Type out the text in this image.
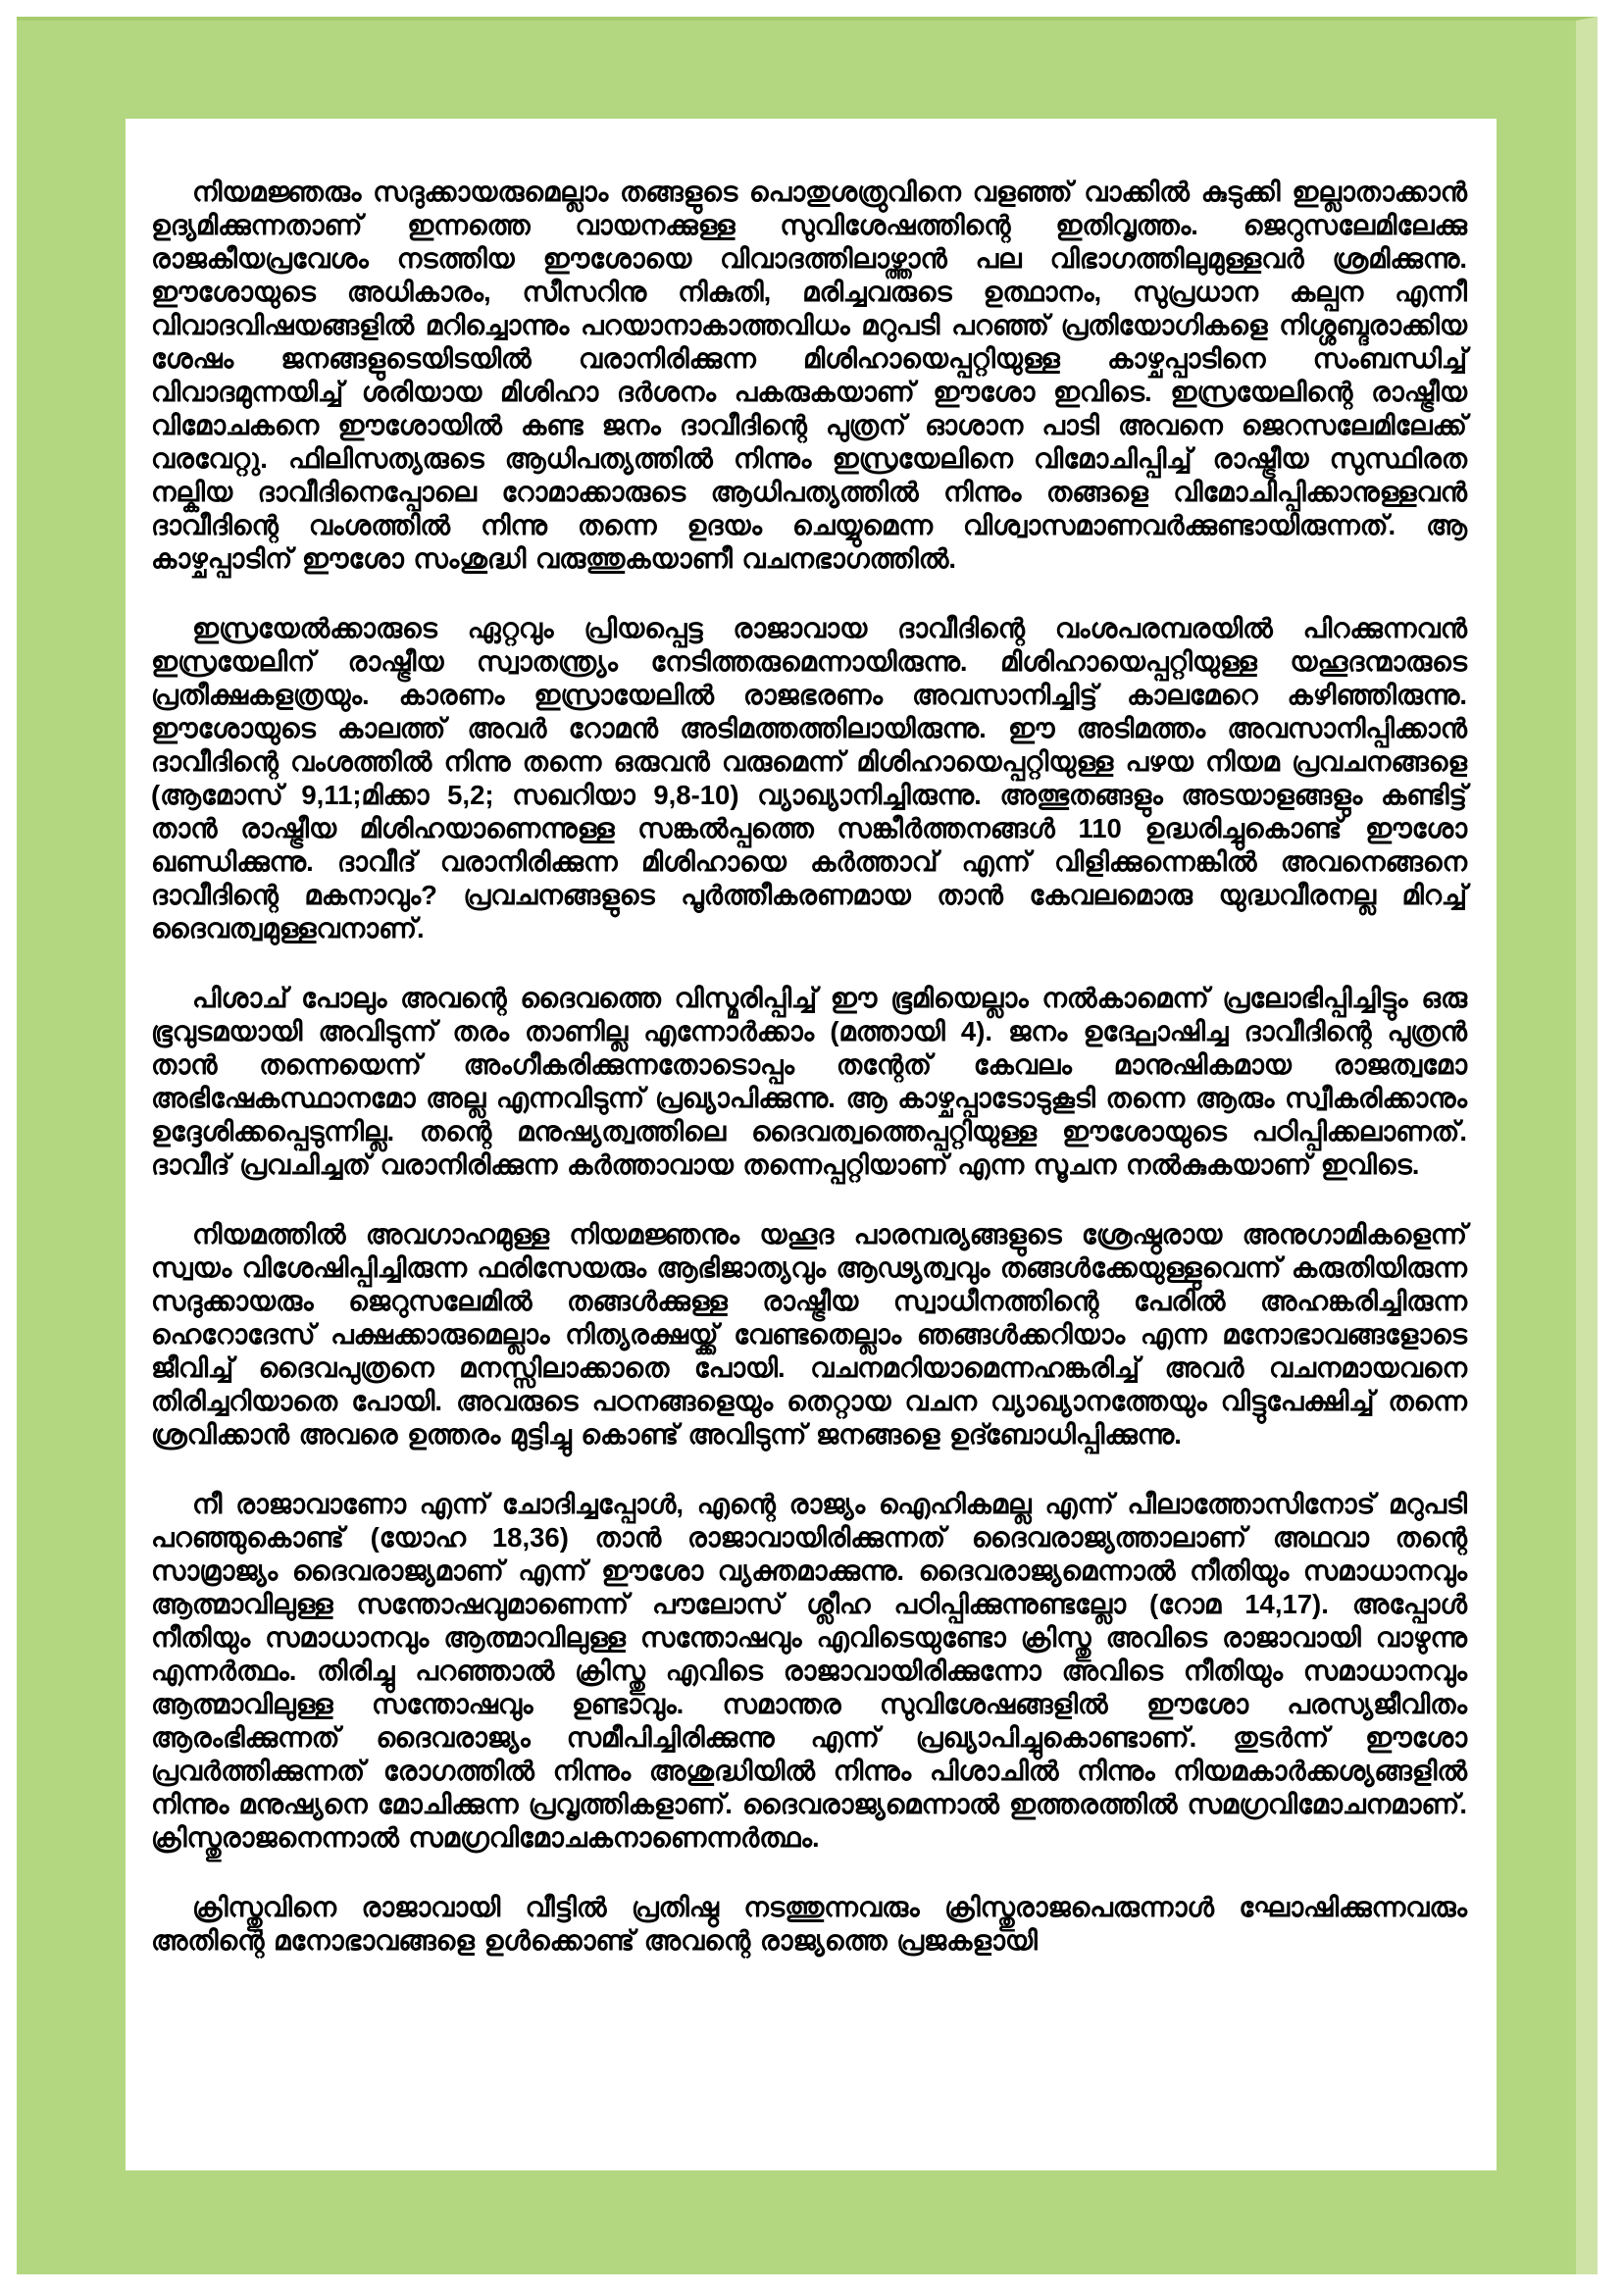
നിയമജ്ഞരും സദുക്കായരുമെല്ലാം തങ്ങളുടെ പൊതുശത്രുവിനെ വളഞ്ഞ് വാക്കിൽ കുടുക്കി ഇല്ലാതാക്കാൻ ഉദ്യമിക്കുന്നതാണ് ഇന്നത്തെ വായനക്കുള്ള സുവിശേഷത്തിന്റെ ഇതിവൃത്തം. ജെറുസലേമിലേക്കു രാജകീയപ്രവേശം നടത്തിയ ഈശോയെ വിവാദത്തിലാഴ്ത്താൻ പല വിഭാഗത്തിലുമുള്ളവർ ശ്രമിക്കുന്നു. ഈശോയുടെ അധികാരം, സീസറിനു നികുതി, മരിച്ചവരുടെ ഉത്ഥാനം, സുപ്രധാന കല്പന എന്നീ വിവാദവിഷയങ്ങളിൽ മറിച്ചൊന്നും പറയാനാകാത്തവിധം മറുപടി പറഞ്ഞ് പ്രതിയോഗികളെ നിശ്ശബ്ദരാക്കിയ ശേഷം ജനങ്ങളുടെയിടയിൽ വരാനിരിക്കുന്ന മിശിഹായെപ്പറ്റിയുള്ള കാഴ്ചപ്പാടിനെ സംബന്ധിച്ച് വിവാദമുന്നയിച്ച് ശരിയായ മിശിഹാ ദർശനം പകരുകയാണ് ഈശോ ഇവിടെ. ഇസ്രയേലിന്റെ രാഷ്ട്രീയ വിമോചകനെ ഈശോയിൽ കണ്ട ജനം ദാവീദിന്റെ പുത്രന് ഓശാന പാടി അവനെ ജെറസലേമിലേക്ക് വരവേറ്റു. ഫിലിസത്യരുടെ ആധിപത്യത്തിൽ നിന്നും ഇസ്രയേലിനെ വിമോചിപ്പിച്ച് രാഷ്ട്രീയ സുസ്ഥിരത നല്കിയ ദാവീദിനെപ്പോലെ റോമാക്കാരുടെ ആധിപത്യത്തിൽ നിന്നും തങ്ങളെ വിമോചിപ്പിക്കാനുള്ളവൻ ദാവീദിന്റെ വംശത്തിൽ നിന്നു തന്നെ ഉദയം ചെയ്യുമെന്ന വിശ്വാസമാണവർക്കുണ്ടായിരുന്നത്. ആ കാഴ്ചപ്പാടിന് ഈശോ സംശുദ്ധി വരുത്തുകയാണീ വചനഭാഗത്തിൽ.

ഇസ്രയേൽക്കാരുടെ ഏറ്റവും പ്രിയപ്പെട്ട രാജാവായ ദാവീദിന്റെ വംശപരമ്പരയിൽ പിറക്കുന്നവൻ ഇസ്രയേലിന് രാഷ്ട്രീയ സ്വാതന്ത്ര്യം നേടിത്തരുമെന്നായിരുന്നു. മിശിഹായെപ്പറ്റിയുള്ള യഹൂദന്മാരുടെ പ്രതീക്ഷകളത്രയും. കാരണം ഇസ്രായേലിൽ രാജഭരണം അവസാനിച്ചിട്ട് കാലമേറെ കഴിഞ്ഞിരുന്നു. ഈശോയുടെ കാലത്ത് അവർ റോമൻ അടിമത്തത്തിലായിരുന്നു. ഈ അടിമത്തം അവസാനിപ്പിക്കാൻ ദാവീദിന്റെ വംശത്തിൽ നിന്നു തന്നെ ഒരുവൻ വരുമെന്ന് മിശിഹായെപ്പറ്റിയുള്ള പഴയ നിയമ പ്രവചനങ്ങളെ (ആമോസ് 9,11;മിക്കാ 5,2; സഖറിയാ 9,8-10) വ്യാഖ്യാനിച്ചിരുന്നു. അത്ഭുതങ്ങളും അടയാളങ്ങളും കണ്ടിട്ട് താൻ രാഷ്ട്രീയ മിശിഹയാണെന്നുള്ള സങ്കൽപ്പത്തെ സങ്കീർത്തനങ്ങൾ 110 ഉദ്ധരിച്ചുകൊണ്ട് ഈശോ ഖണ്ഡിക്കുന്നു. ദാവീദ് വരാനിരിക്കുന്ന മിശിഹായെ കർത്താവ് എന്ന് വിളിക്കുന്നെങ്കിൽ അവനെങ്ങനെ ദാവീദിന്റെ മകനാവും? പ്രവചനങ്ങളുടെ പൂർത്തീകരണമായ താൻ കേവലമൊരു യുദ്ധവീരനല്ല മിറച്ച് ദൈവത്വമുള്ളവനാണ്.

പിശാച് പോലും അവന്റെ ദൈവത്തെ വിസ്മരിപ്പിച്ച് ഈ ഭൂമിയെല്ലാം നൽകാമെന്ന് പ്രലോഭിപ്പിച്ചിട്ടും ഒരു ഭൂവുടമയായി അവിടുന്ന് തരം താണില്ല എന്നോർക്കാം (മത്തായി 4). ജനം ഉദ്ഘോഷിച്ച ദാവീദിന്റെ പുത്രൻ താൻ തന്നെയെന്ന് അംഗീകരിക്കുന്നതോടൊപ്പം തന്റേത് കേവലം മാനുഷികമായ രാജത്വമോ അഭിഷേകസ്ഥാനമോ അല്ല എന്നവിടുന്ന് പ്രഖ്യാപിക്കുന്നു. ആ കാഴ്ചപ്പാടോടുകൂടി തന്നെ ആരും സ്വീകരിക്കാനും ഉദ്ദേശിക്കപ്പെടുന്നില്ല. തന്റെ മനുഷ്യത്വത്തിലെ ദൈവത്വത്തെപ്പറ്റിയുള്ള ഈശോയുടെ പഠിപ്പിക്കലാണത്. ദാവീദ് പ്രവചിച്ചത് വരാനിരിക്കുന്ന കർത്താവായ തന്നെപ്പറ്റിയാണ് എന്ന സൂചന നൽകുകയാണ് ഇവിടെ.

നിയമത്തിൽ അവഗാഹമുള്ള നിയമജ്ഞനും യഹൂദ പാരമ്പര്യങ്ങളുടെ ശ്രേഷ്ഠരായ അനുഗാമികളെന്ന് സ്വയം വിശേഷിപ്പിച്ചിരുന്ന ഫരിസേയരും ആഭിജാത്യവും ആഢ്യത്വവും തങ്ങൾക്കേയുള്ളുവെന്ന് കരുതിയിരുന്ന സദുക്കായരും ജെറുസലേമിൽ തങ്ങൾക്കുള്ള രാഷ്ട്രീയ സ്വാധീനത്തിന്റെ പേരിൽ അഹങ്കരിച്ചിരുന്ന ഹെറോദേസ് പക്ഷക്കാരുമെല്ലാം നിത്യരക്ഷയ്ക്ക് വേണ്ടതെല്ലാം ഞങ്ങൾക്കറിയാം എന്ന മനോഭാവങ്ങളോടെ ജീവിച്ച് ദൈവപുത്രനെ മനസ്സിലാക്കാതെ പോയി. വചനമറിയാമെന്നഹങ്കരിച്ച് അവർ വചനമായവനെ തിരിച്ചറിയാതെ പോയി. അവരുടെ പഠനങ്ങളെയും തെറ്റായ വചന വ്യാഖ്യാനത്തേയും വിട്ടുപേക്ഷിച്ച് തന്നെ ശ്രവിക്കാൻ അവരെ ഉത്തരം മുട്ടിച്ചു കൊണ്ട് അവിടുന്ന് ജനങ്ങളെ ഉദ്ബോധിപ്പിക്കുന്നു.

നീ രാജാവാണോ എന്ന് ചോദിച്ചപ്പോൾ, എന്റെ രാജ്യം ഐഹികമല്ല എന്ന് പീലാത്തോസിനോട് മറുപടി പറഞ്ഞുകൊണ്ട് (യോഹ 18,36) താൻ രാജാവായിരിക്കുന്നത് ദൈവരാജ്യത്താലാണ് അഥവാ തന്റെ സാമ്രാജ്യം ദൈവരാജ്യമാണ് എന്ന് ഈശോ വ്യക്തമാക്കുന്നു. ദൈവരാജ്യമെന്നാൽ നീതിയും സമാധാനവും ആത്മാവിലുള്ള സന്തോഷവുമാണെന്ന് പൗലോസ് ശ്ലീഹ പഠിപ്പിക്കുന്നുണ്ടല്ലോ (റോമ 14,17). അപ്പോൾ നീതിയും സമാധാനവും ആത്മാവിലുള്ള സന്തോഷവും എവിടെയുണ്ടോ ക്രിസ്തു അവിടെ രാജാവായി വാഴുന്നു എന്നർത്ഥം. തിരിച്ചു പറഞ്ഞാൽ ക്രിസ്തു എവിടെ രാജാവായിരിക്കുന്നോ അവിടെ നീതിയും സമാധാനവും ആത്മാവിലുള്ള സന്തോഷവും ഉണ്ടാവും. സമാന്തര സുവിശേഷങ്ങളിൽ ഈശോ പരസ്യജീവിതം ആരംഭിക്കുന്നത് ദൈവരാജ്യം സമീപിച്ചിരിക്കുന്നു എന്ന് പ്രഖ്യാപിച്ചുകൊണ്ടാണ്. തുടർന്ന് ഈശോ പ്രവർത്തിക്കുന്നത് രോഗത്തിൽ നിന്നും അശുദ്ധിയിൽ നിന്നും പിശാചിൽ നിന്നും നിയമകാർക്കശ്യങ്ങളിൽ നിന്നും മനുഷ്യനെ മോചിക്കുന്ന പ്രവൃത്തികളാണ്. ദൈവരാജ്യമെന്നാൽ ഇത്തരത്തിൽ സമഗ്രവിമോചനമാണ്. ക്രിസ്തുരാജനെന്നാൽ സമഗ്രവിമോചകനാണെന്നർത്ഥം.

ക്രിസ്തുവിനെ രാജാവായി വീട്ടിൽ പ്രതിഷ്ഠ നടത്തുന്നവരും ക്രിസ്തുരാജപെരുന്നാൾ ഘോഷിക്കുന്നവരും അതിന്റെ മനോഭാവങ്ങളെ ഉൾക്കൊണ്ട് അവന്റെ രാജ്യത്തെ പ്രജകളായി
